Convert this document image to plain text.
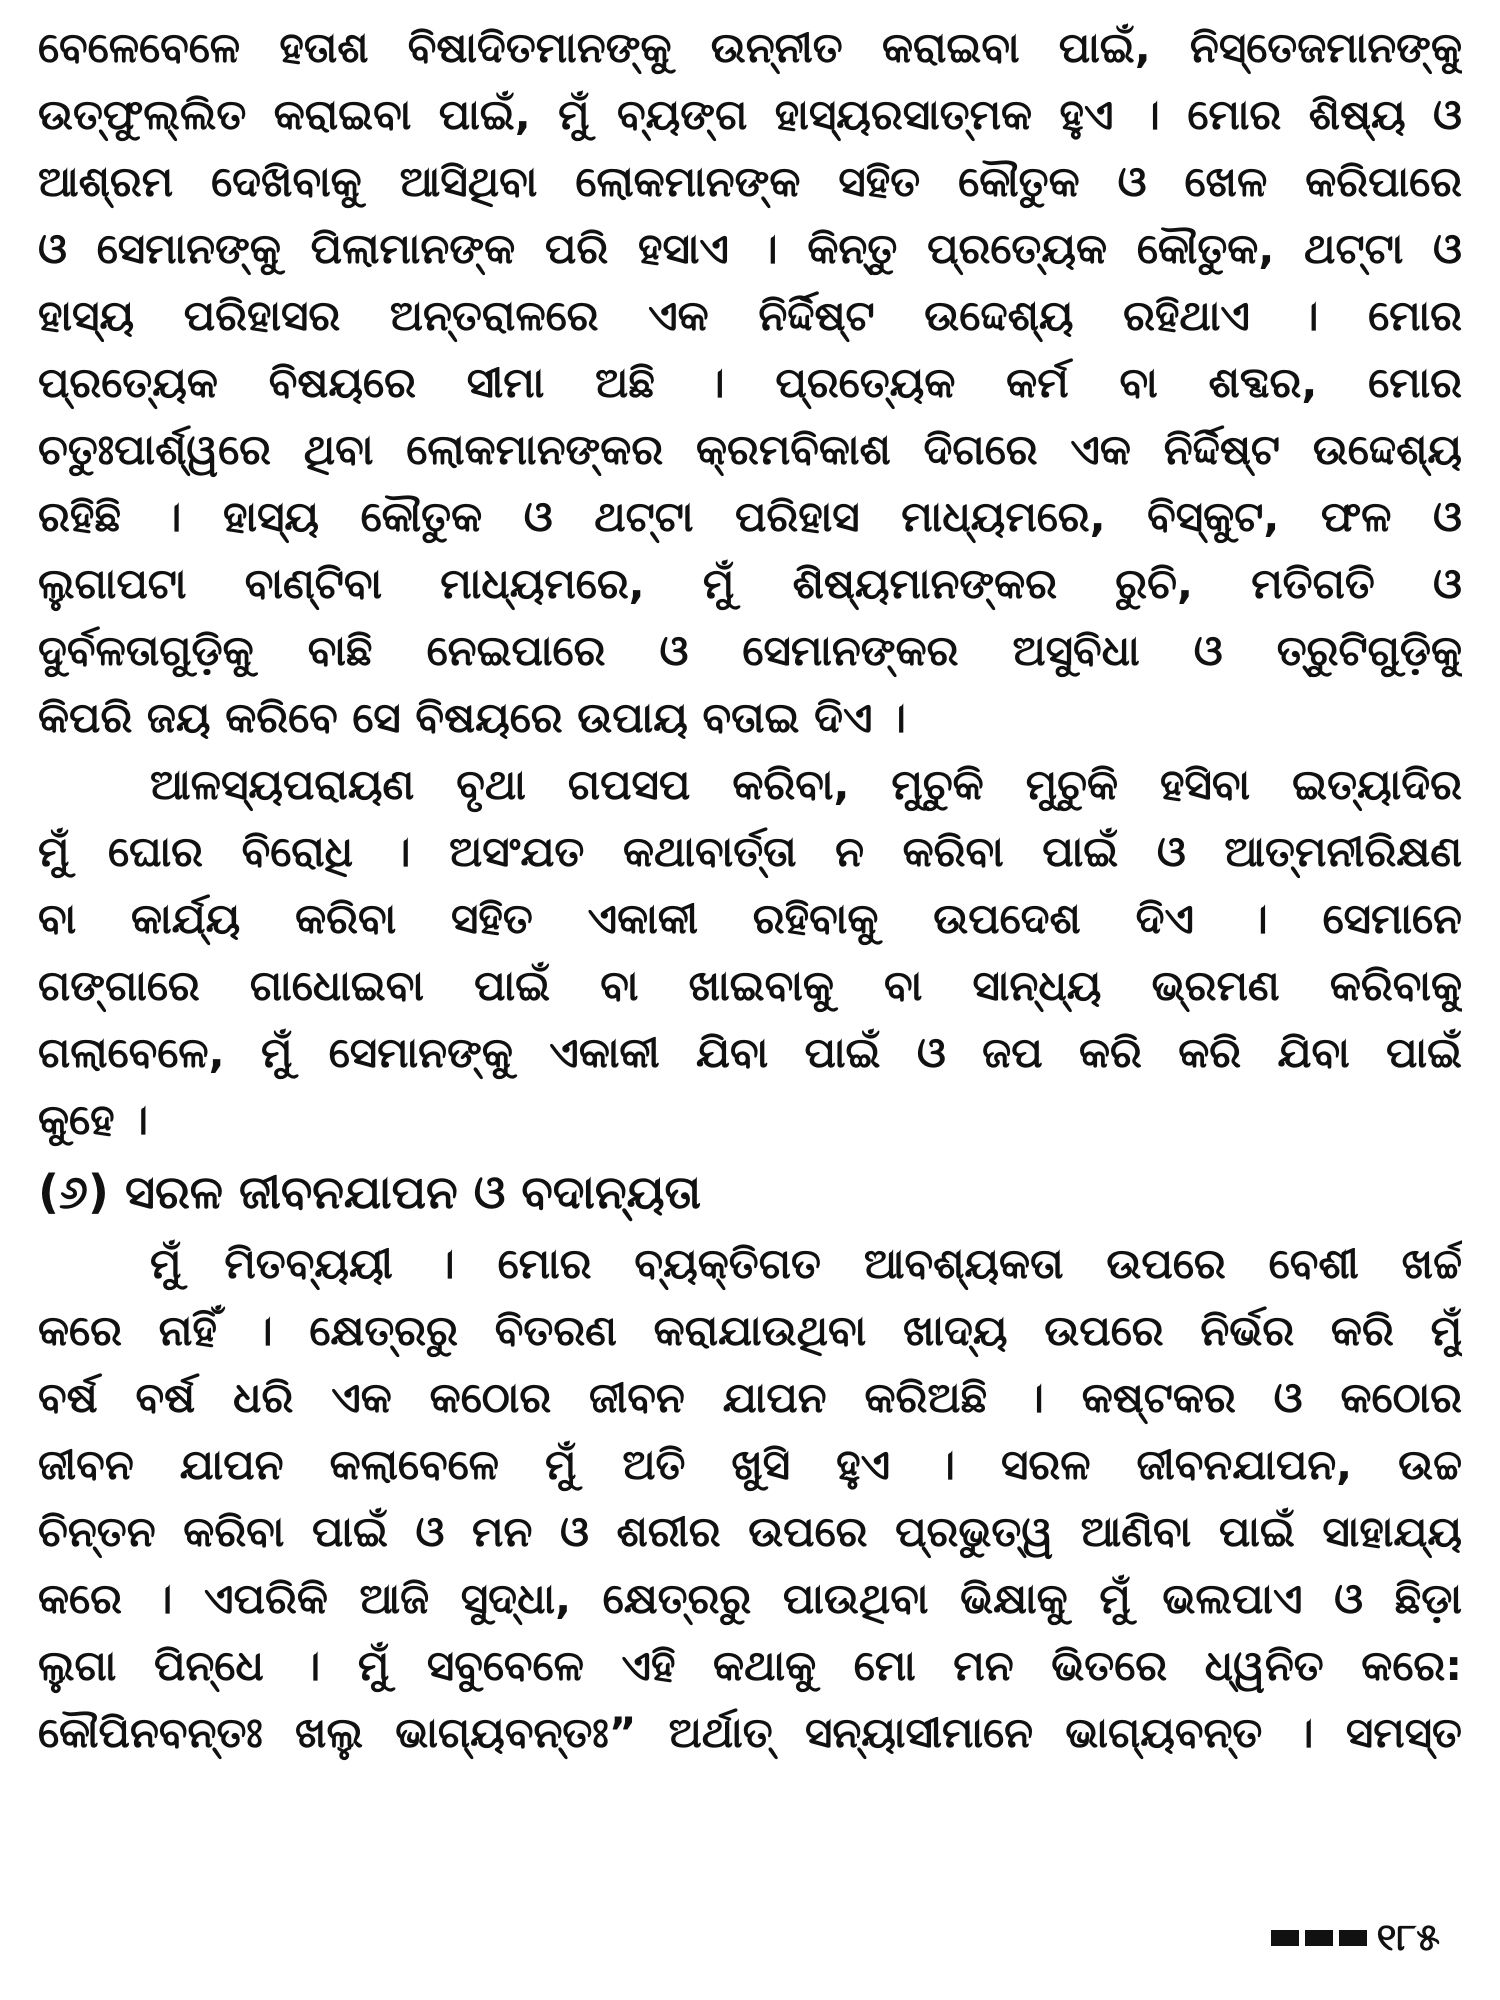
ବେଳେବେଳେ ହତାଶ ବିଷାଦିତମାନଙ୍କୁ ଉନ୍ନୀତ କରାଇବା ପାଇଁ, ନିସ୍ତେଜମାନଙ୍କୁ
ଉତ୍‌ଫୁଲ୍ଲିତ କରାଇବା ପାଇଁ, ମୁଁ ବ୍ୟଙ୍ଗ ହାସ୍ୟରସାତ୍ମକ ହୁଏ । ମୋର ଶିଷ୍ୟ ଓ
ଆଶ୍ରମ ଦେଖିବାକୁ ଆସିଥିବା ଲୋକମାନଙ୍କ ସହିତ କୌତୁକ ଓ ଖେଳ କରିପାରେ
ଓ ସେମାନଙ୍କୁ ପିଲାମାନଙ୍କ ପରି ହସାଏ । କିନ୍ତୁ ପ୍ରତ୍ୟେକ କୌତୁକ, ଥଟ୍ଟା ଓ
ହାସ୍ୟ ପରିହାସର ଅନ୍ତରାଳରେ ଏକ ନିର୍ଦ୍ଦିଷ୍ଟ ଉଦ୍ଦେଶ୍ୟ ରହିଥାଏ । ମୋର
ପ୍ରତ୍ୟେକ ବିଷୟରେ ସୀମା ଅଛି । ପ୍ରତ୍ୟେକ କର୍ମ ବା ଶବ୍ଦର, ମୋର
ଚତୁଃପାର୍ଶ୍ୱରେ ଥିବା ଲୋକମାନଙ୍କର କ୍ରମବିକାଶ ଦିଗରେ ଏକ ନିର୍ଦ୍ଦିଷ୍ଟ ଉଦ୍ଦେଶ୍ୟ
ରହିଛି । ହାସ୍ୟ କୌତୁକ ଓ ଥଟ୍ଟା ପରିହାସ ମାଧ୍ୟମରେ, ବିସ୍କୁଟ, ଫଳ ଓ
ଲୁଗାପଟା ବାଣ୍ଟିବା ମାଧ୍ୟମରେ, ମୁଁ ଶିଷ୍ୟମାନଙ୍କର ରୁଚି, ମତିଗତି ଓ
ଦୁର୍ବଳତାଗୁଡ଼ିକୁ ବାଛି ନେଇପାରେ ଓ ସେମାନଙ୍କର ଅସୁବିଧା ଓ ତ୍ରୁଟିଗୁଡ଼ିକୁ
କିପରି ଜୟ କରିବେ ସେ ବିଷୟରେ ଉପାୟ ବତାଇ ଦିଏ ।
ଆଳସ୍ୟପରାୟଣ ବୃଥା ଗପସପ କରିବା, ମୁଚୁକି ମୁଚୁକି ହସିବା ଇତ୍ୟାଦିର
ମୁଁ ଘୋର ବିରୋଧି । ଅସଂଯତ କଥାବାର୍ତ୍ତା ନ କରିବା ପାଇଁ ଓ ଆତ୍ମନୀରିକ୍ଷଣ
ବା କାର୍ଯ୍ୟ କରିବା ସହିତ ଏକାକୀ ରହିବାକୁ ଉପଦେଶ ଦିଏ । ସେମାନେ
ଗଙ୍ଗାରେ ଗାଧୋଇବା ପାଇଁ ବା ଖାଇବାକୁ ବା ସାନ୍ଧ୍ୟ ଭ୍ରମଣ କରିବାକୁ
ଗଲାବେଳେ, ମୁଁ ସେମାନଙ୍କୁ ଏକାକୀ ଯିବା ପାଇଁ ଓ ଜପ କରି କରି ଯିବା ପାଇଁ
କୁହେ ।
(୬) ସରଳ ଜୀବନଯାପନ ଓ ବଦାନ୍ୟତା
ମୁଁ ମିତବ୍ୟୟୀ । ମୋର ବ୍ୟକ୍ତିଗତ ଆବଶ୍ୟକତା ଉପରେ ବେଶୀ ଖର୍ଚ୍ଚ
କରେ ନାହିଁ । କ୍ଷେତ୍ରରୁ ବିତରଣ କରାଯାଉଥିବା ଖାଦ୍ୟ ଉପରେ ନିର୍ଭର କରି ମୁଁ
ବର୍ଷ ବର୍ଷ ଧରି ଏକ କଠୋର ଜୀବନ ଯାପନ କରିଅଛି । କଷ୍ଟକର ଓ କଠୋର
ଜୀବନ ଯାପନ କଲାବେଳେ ମୁଁ ଅତି ଖୁସି ହୁଏ । ସରଳ ଜୀବନଯାପନ, ଉଚ୍ଚ
ଚିନ୍ତନ କରିବା ପାଇଁ ଓ ମନ ଓ ଶରୀର ଉପରେ ପ୍ରଭୁତ୍ୱ ଆଣିବା ପାଇଁ ସାହାଯ୍ୟ
କରେ । ଏପରିକି ଆଜି ସୁଦ୍ଧା, କ୍ଷେତ୍ରରୁ ପାଉଥିବା ଭିକ୍ଷାକୁ ମୁଁ ଭଲପାଏ ଓ ଛିଡ଼ା
ଲୁଗା ପିନ୍ଧେ । ମୁଁ ସବୁବେଳେ ଏହି କଥାକୁ ମୋ ମନ ଭିତରେ ଧ୍ୱନିତ କରେ:
କୌପିନବନ୍ତଃ ଖଲୁ ଭାଗ୍ୟବନ୍ତଃ” ଅର୍ଥାତ୍ ସନ୍ୟାସୀମାନେ ଭାଗ୍ୟବନ୍ତ । ସମସ୍ତ
୧୮୫
